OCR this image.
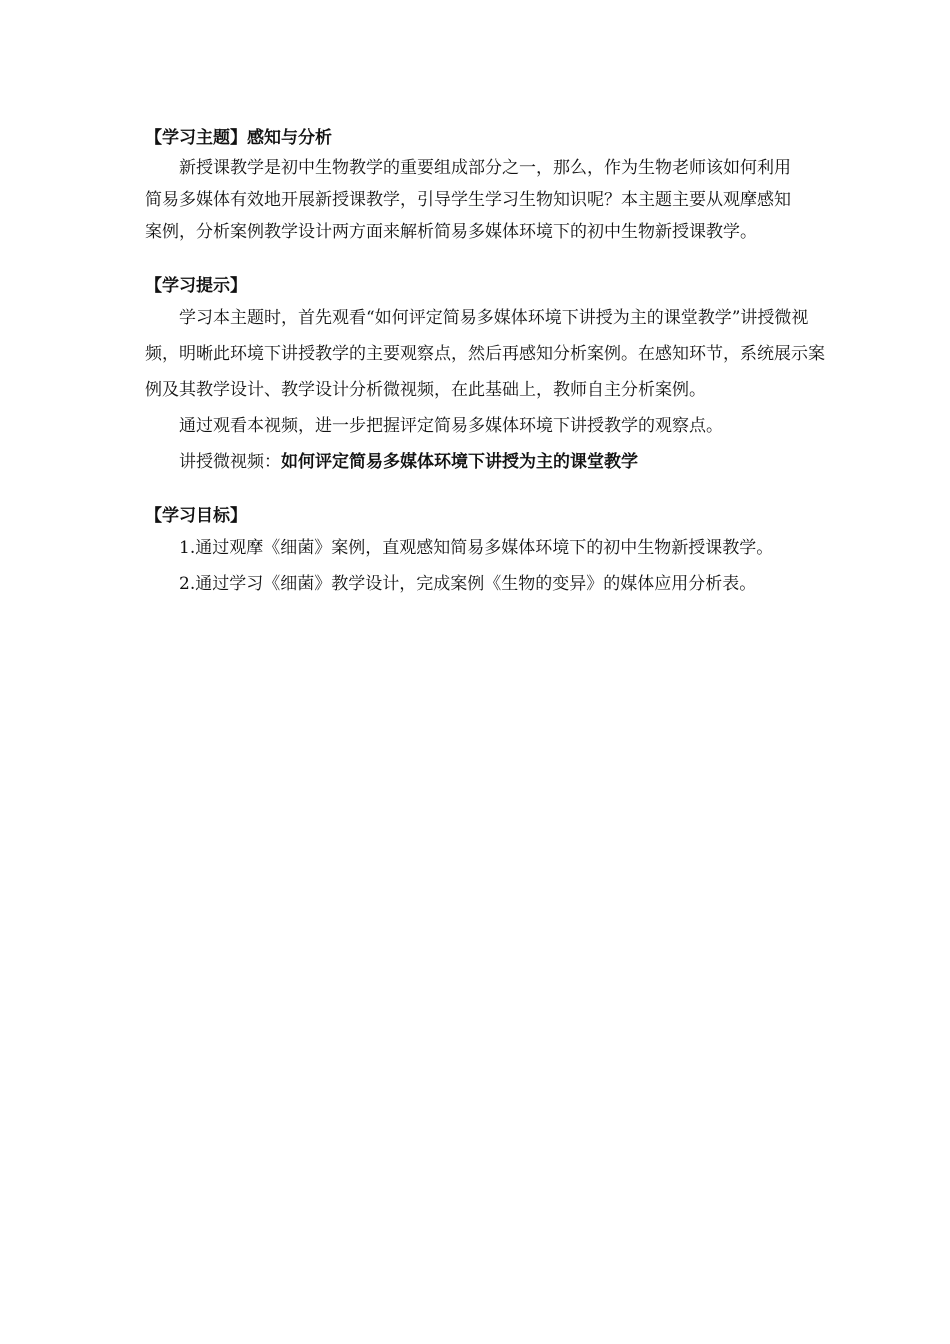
【学习主题】感知与分析

新授课教学是初中生物教学的重要组成部分之一，那么，作为生物老师该如何利用简易多媒体有效地开展新授课教学，引导学生学习生物知识呢？本主题主要从观摩感知案例，分析案例教学设计两方面来解析简易多媒体环境下的初中生物新授课教学。

【学习提示】

学习本主题时，首先观看“如何评定简易多媒体环境下讲授为主的课堂教学”讲授微视频，明晰此环境下讲授教学的主要观察点，然后再感知分析案例。在感知环节，系统展示案例及其教学设计、教学设计分析微视频，在此基础上，教师自主分析案例。

通过观看本视频，进一步把握评定简易多媒体环境下讲授教学的观察点。

讲授微视频：如何评定简易多媒体环境下讲授为主的课堂教学

【学习目标】

1.通过观摩《细菌》案例，直观感知简易多媒体环境下的初中生物新授课教学。

2.通过学习《细菌》教学设计，完成案例《生物的变异》的媒体应用分析表。
